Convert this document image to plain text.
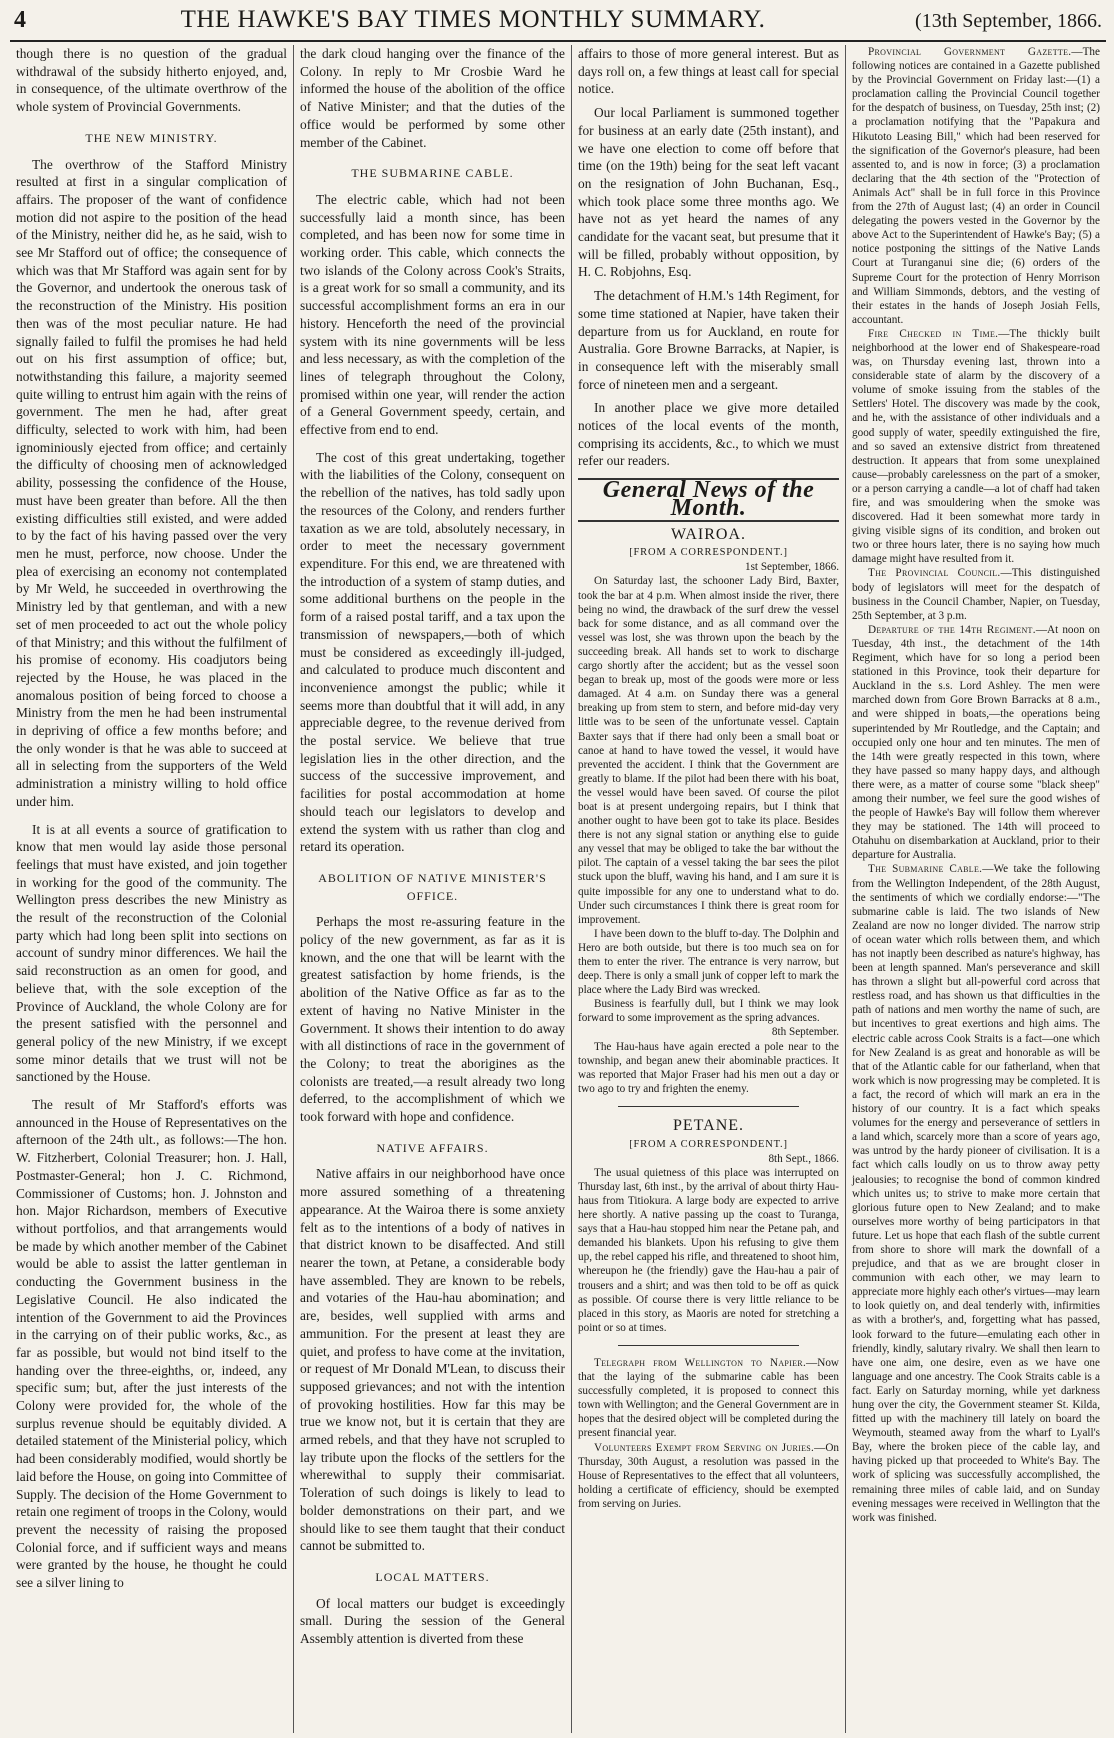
4	THE HAWKE'S BAY TIMES MONTHLY SUMMARY.	(13th September, 1866.

though there is no question of the gradual withdrawal of the subsidy hitherto enjoyed, and, in consequence, of the ultimate overthrow of the whole system of Provincial Governments.

THE NEW MINISTRY.

The overthrow of the Stafford Ministry resulted at first in a singular complication of affairs. The proposer of the want of confidence motion did not aspire to the position of the head of the Ministry, neither did he, as he said, wish to see Mr Stafford out of office; the consequence of which was that Mr Stafford was again sent for by the Governor, and undertook the onerous task of the reconstruction of the Ministry. His position then was of the most peculiar nature. He had signally failed to fulfil the promises he had held out on his first assumption of office; but, notwithstanding this failure, a majority seemed quite willing to entrust him again with the reins of government. The men he had, after great difficulty, selected to work with him, had been ignominiously ejected from office; and certainly the difficulty of choosing men of acknowledged ability, possessing the confidence of the House, must have been greater than before. All the then existing difficulties still existed, and were added to by the fact of his having passed over the very men he must, perforce, now choose. Under the plea of exercising an economy not contemplated by Mr Weld, he succeeded in overthrowing the Ministry led by that gentleman, and with a new set of men proceeded to act out the whole policy of that Ministry; and this without the fulfilment of his promise of economy. His coadjutors being rejected by the House, he was placed in the anomalous position of being forced to choose a Ministry from the men he had been instrumental in depriving of office a few months before; and the only wonder is that he was able to succeed at all in selecting from the supporters of the Weld administration a ministry willing to hold office under him.

It is at all events a source of gratification to know that men would lay aside those personal feelings that must have existed, and join together in working for the good of the community. The Wellington press describes the new Ministry as the result of the reconstruction of the Colonial party which had long been split into sections on account of sundry minor differences. We hail the said reconstruction as an omen for good, and believe that, with the sole exception of the Province of Auckland, the whole Colony are for the present satisfied with the personnel and general policy of the new Ministry, if we except some minor details that we trust will not be sanctioned by the House.

The result of Mr Stafford's efforts was announced in the House of Representatives on the afternoon of the 24th ult., as follows:—The hon. W. Fitzherbert, Colonial Treasurer; hon. J. Hall, Postmaster-General; hon J. C. Richmond, Commissioner of Customs; hon. J. Johnston and hon. Major Richardson, members of Executive without portfolios, and that arrangements would be made by which another member of the Cabinet would be able to assist the latter gentleman in conducting the Government business in the Legislative Council. He also indicated the intention of the Government to aid the Provinces in the carrying on of their public works, &c., as far as possible, but would not bind itself to the handing over the three-eighths, or, indeed, any specific sum; but, after the just interests of the Colony were provided for, the whole of the surplus revenue should be equitably divided. A detailed statement of the Ministerial policy, which had been considerably modified, would shortly be laid before the House, on going into Committee of Supply. The decision of the Home Government to retain one regiment of troops in the Colony, would prevent the necessity of raising the proposed Colonial force, and if sufficient ways and means were granted by the house, he thought he could see a silver lining to

the dark cloud hanging over the finance of the Colony. In reply to Mr Crosbie Ward he informed the house of the abolition of the office of Native Minister; and that the duties of the office would be performed by some other member of the Cabinet.

THE SUBMARINE CABLE.

The electric cable, which had not been successfully laid a month since, has been completed, and has been now for some time in working order. This cable, which connects the two islands of the Colony across Cook's Straits, is a great work for so small a community, and its successful accomplishment forms an era in our history. Henceforth the need of the provincial system with its nine governments will be less and less necessary, as with the completion of the lines of telegraph throughout the Colony, promised within one year, will render the action of a General Government speedy, certain, and effective from end to end.

The cost of this great undertaking, together with the liabilities of the Colony, consequent on the rebellion of the natives, has told sadly upon the resources of the Colony, and renders further taxation as we are told, absolutely necessary, in order to meet the necessary government expenditure. For this end, we are threatened with the introduction of a system of stamp duties, and some additional burthens on the people in the form of a raised postal tariff, and a tax upon the transmission of newspapers,—both of which must be considered as exceedingly ill-judged, and calculated to produce much discontent and inconvenience amongst the public; while it seems more than doubtful that it will add, in any appreciable degree, to the revenue derived from the postal service. We believe that true legislation lies in the other direction, and the success of the successive improvement, and facilities for postal accommodation at home should teach our legislators to develop and extend the system with us rather than clog and retard its operation.

ABOLITION OF NATIVE MINISTER'S OFFICE.

Perhaps the most re-assuring feature in the policy of the new government, as far as it is known, and the one that will be learnt with the greatest satisfaction by home friends, is the abolition of the Native Office as far as to the extent of having no Native Minister in the Government. It shows their intention to do away with all distinctions of race in the government of the Colony; to treat the aborigines as the colonists are treated,—a result already two long deferred, to the accomplishment of which we took forward with hope and confidence.

NATIVE AFFAIRS.

Native affairs in our neighborhood have once more assured something of a threatening appearance. At the Wairoa there is some anxiety felt as to the intentions of a body of natives in that district known to be disaffected. And still nearer the town, at Petane, a considerable body have assembled. They are known to be rebels, and votaries of the Hau-hau abomination; and are, besides, well supplied with arms and ammunition. For the present at least they are quiet, and profess to have come at the invitation, or request of Mr Donald M'Lean, to discuss their supposed grievances; and not with the intention of provoking hostilities. How far this may be true we know not, but it is certain that they are armed rebels, and that they have not scrupled to lay tribute upon the flocks of the settlers for the wherewithal to supply their commisariat. Toleration of such doings is likely to lead to bolder demonstrations on their part, and we should like to see them taught that their conduct cannot be submitted to.

LOCAL MATTERS.

Of local matters our budget is exceedingly small. During the session of the General Assembly attention is diverted from these

affairs to those of more general interest. But as days roll on, a few things at least call for special notice.

Our local Parliament is summoned together for business at an early date (25th instant), and we have one election to come off before that time (on the 19th) being for the seat left vacant on the resignation of John Buchanan, Esq., which took place some three months ago. We have not as yet heard the names of any candidate for the vacant seat, but presume that it will be filled, probably without opposition, by H. C. Robjohns, Esq.

The detachment of H.M.'s 14th Regiment, for some time stationed at Napier, have taken their departure from us for Auckland, en route for Australia. Gore Browne Barracks, at Napier, is in consequence left with the miserably small force of nineteen men and a sergeant.

In another place we give more detailed notices of the local events of the month, comprising its accidents, &c., to which we must refer our readers.

General News of the Month.
WAIROA.

[FROM A CORRESPONDENT.]

1st September, 1866.

On Saturday last, the schooner Lady Bird, Baxter, took the bar at 4 p.m. When almost inside the river, there being no wind, the drawback of the surf drew the vessel back for some distance, and as all command over the vessel was lost, she was thrown upon the beach by the succeeding break. All hands set to work to discharge cargo shortly after the accident; but as the vessel soon began to break up, most of the goods were more or less damaged. At 4 a.m. on Sunday there was a general breaking up from stem to stern, and before mid-day very little was to be seen of the unfortunate vessel. Captain Baxter says that if there had only been a small boat or canoe at hand to have towed the vessel, it would have prevented the accident. I think that the Government are greatly to blame. If the pilot had been there with his boat, the vessel would have been saved. Of course the pilot boat is at present undergoing repairs, but I think that another ought to have been got to take its place. Besides there is not any signal station or anything else to guide any vessel that may be obliged to take the bar without the pilot. The captain of a vessel taking the bar sees the pilot stuck upon the bluff, waving his hand, and I am sure it is quite impossible for any one to understand what to do. Under such circumstances I think there is great room for improvement.

I have been down to the bluff to-day. The Dolphin and Hero are both outside, but there is too much sea on for them to enter the river. The entrance is very narrow, but deep. There is only a small junk of copper left to mark the place where the Lady Bird was wrecked.

Business is fearfully dull, but I think we may look forward to some improvement as the spring advances.

8th September.

The Hau-haus have again erected a pole near to the township, and began anew their abominable practices. It was reported that Major Fraser had his men out a day or two ago to try and frighten the enemy.

PETANE.

[FROM A CORRESPONDENT.]

8th Sept., 1866.

The usual quietness of this place was interrupted on Thursday last, 6th inst., by the arrival of about thirty Hau-haus from Titiokura. A large body are expected to arrive here shortly. A native passing up the coast to Turanga, says that a Hau-hau stopped him near the Petane pah, and demanded his blankets. Upon his refusing to give them up, the rebel capped his rifle, and threatened to shoot him, whereupon he (the friendly) gave the Hau-hau a pair of trousers and a shirt; and was then told to be off as quick as possible. Of course there is very little reliance to be placed in this story, as Maoris are noted for stretching a point or so at times.

Telegraph from Wellington to Napier.—Now that the laying of the submarine cable has been successfully completed, it is proposed to connect this town with Wellington; and the General Government are in hopes that the desired object will be completed during the present financial year.

Volunteers Exempt from Serving on Juries.—On Thursday, 30th August, a resolution was passed in the House of Representatives to the effect that all volunteers, holding a certificate of efficiency, should be exempted from serving on Juries.

Provincial Government Gazette.—The following notices are contained in a Gazette published by the Provincial Government on Friday last:—(1) a proclamation calling the Provincial Council together for the despatch of business, on Tuesday, 25th inst; (2) a proclamation notifying that the "Papakura and Hikutoto Leasing Bill," which had been reserved for the signification of the Governor's pleasure, had been assented to, and is now in force; (3) a proclamation declaring that the 4th section of the "Protection of Animals Act" shall be in full force in this Province from the 27th of August last; (4) an order in Council delegating the powers vested in the Governor by the above Act to the Superintendent of Hawke's Bay; (5) a notice postponing the sittings of the Native Lands Court at Turanganui sine die; (6) orders of the Supreme Court for the protection of Henry Morrison and William Simmonds, debtors, and the vesting of their estates in the hands of Joseph Josiah Fells, accountant.

Fire Checked in Time.—The thickly built neighborhood at the lower end of Shakespeare-road was, on Thursday evening last, thrown into a considerable state of alarm by the discovery of a volume of smoke issuing from the stables of the Settlers' Hotel. The discovery was made by the cook, and he, with the assistance of other individuals and a good supply of water, speedily extinguished the fire, and so saved an extensive district from threatened destruction. It appears that from some unexplained cause—probably carelessness on the part of a smoker, or a person carrying a candle—a lot of chaff had taken fire, and was smouldering when the smoke was discovered. Had it been somewhat more tardy in giving visible signs of its condition, and broken out two or three hours later, there is no saying how much damage might have resulted from it.

The Provincial Council.—This distinguished body of legislators will meet for the despatch of business in the Council Chamber, Napier, on Tuesday, 25th September, at 3 p.m.

Departure of the 14th Regiment.—At noon on Tuesday, 4th inst., the detachment of the 14th Regiment, which have for so long a period been stationed in this Province, took their departure for Auckland in the s.s. Lord Ashley. The men were marched down from Gore Brown Barracks at 8 a.m., and were shipped in boats,—the operations being superintended by Mr Routledge, and the Captain; and occupied only one hour and ten minutes. The men of the 14th were greatly respected in this town, where they have passed so many happy days, and although there were, as a matter of course some "black sheep" among their number, we feel sure the good wishes of the people of Hawke's Bay will follow them wherever they may be stationed. The 14th will proceed to Otahuhu on disembarkation at Auckland, prior to their departure for Australia.

The Submarine Cable.—We take the following from the Wellington Independent, of the 28th August, the sentiments of which we cordially endorse:—"The submarine cable is laid. The two islands of New Zealand are now no longer divided. The narrow strip of ocean water which rolls between them, and which has not inaptly been described as nature's highway, has been at length spanned. Man's perseverance and skill has thrown a slight but all-powerful cord across that restless road, and has shown us that difficulties in the path of nations and men worthy the name of such, are but incentives to great exertions and high aims. The electric cable across Cook Straits is a fact—one which for New Zealand is as great and honorable as will be that of the Atlantic cable for our fatherland, when that work which is now progressing may be completed. It is a fact, the record of which will mark an era in the history of our country. It is a fact which speaks volumes for the energy and perseverance of settlers in a land which, scarcely more than a score of years ago, was untrod by the hardy pioneer of civilisation. It is a fact which calls loudly on us to throw away petty jealousies; to recognise the bond of common kindred which unites us; to strive to make more certain that glorious future open to New Zealand; and to make ourselves more worthy of being participators in that future. Let us hope that each flash of the subtle current from shore to shore will mark the downfall of a prejudice, and that as we are brought closer in communion with each other, we may learn to appreciate more highly each other's virtues—may learn to look quietly on, and deal tenderly with, infirmities as with a brother's, and, forgetting what has passed, look forward to the future—emulating each other in friendly, kindly, salutary rivalry. We shall then learn to have one aim, one desire, even as we have one language and one ancestry. The Cook Straits cable is a fact. Early on Saturday morning, while yet darkness hung over the city, the Government steamer St. Kilda, fitted up with the machinery till lately on board the Weymouth, steamed away from the wharf to Lyall's Bay, where the broken piece of the cable lay, and having picked up that proceeded to White's Bay. The work of splicing was successfully accomplished, the remaining three miles of cable laid, and on Sunday evening messages were received in Wellington that the work was finished.
